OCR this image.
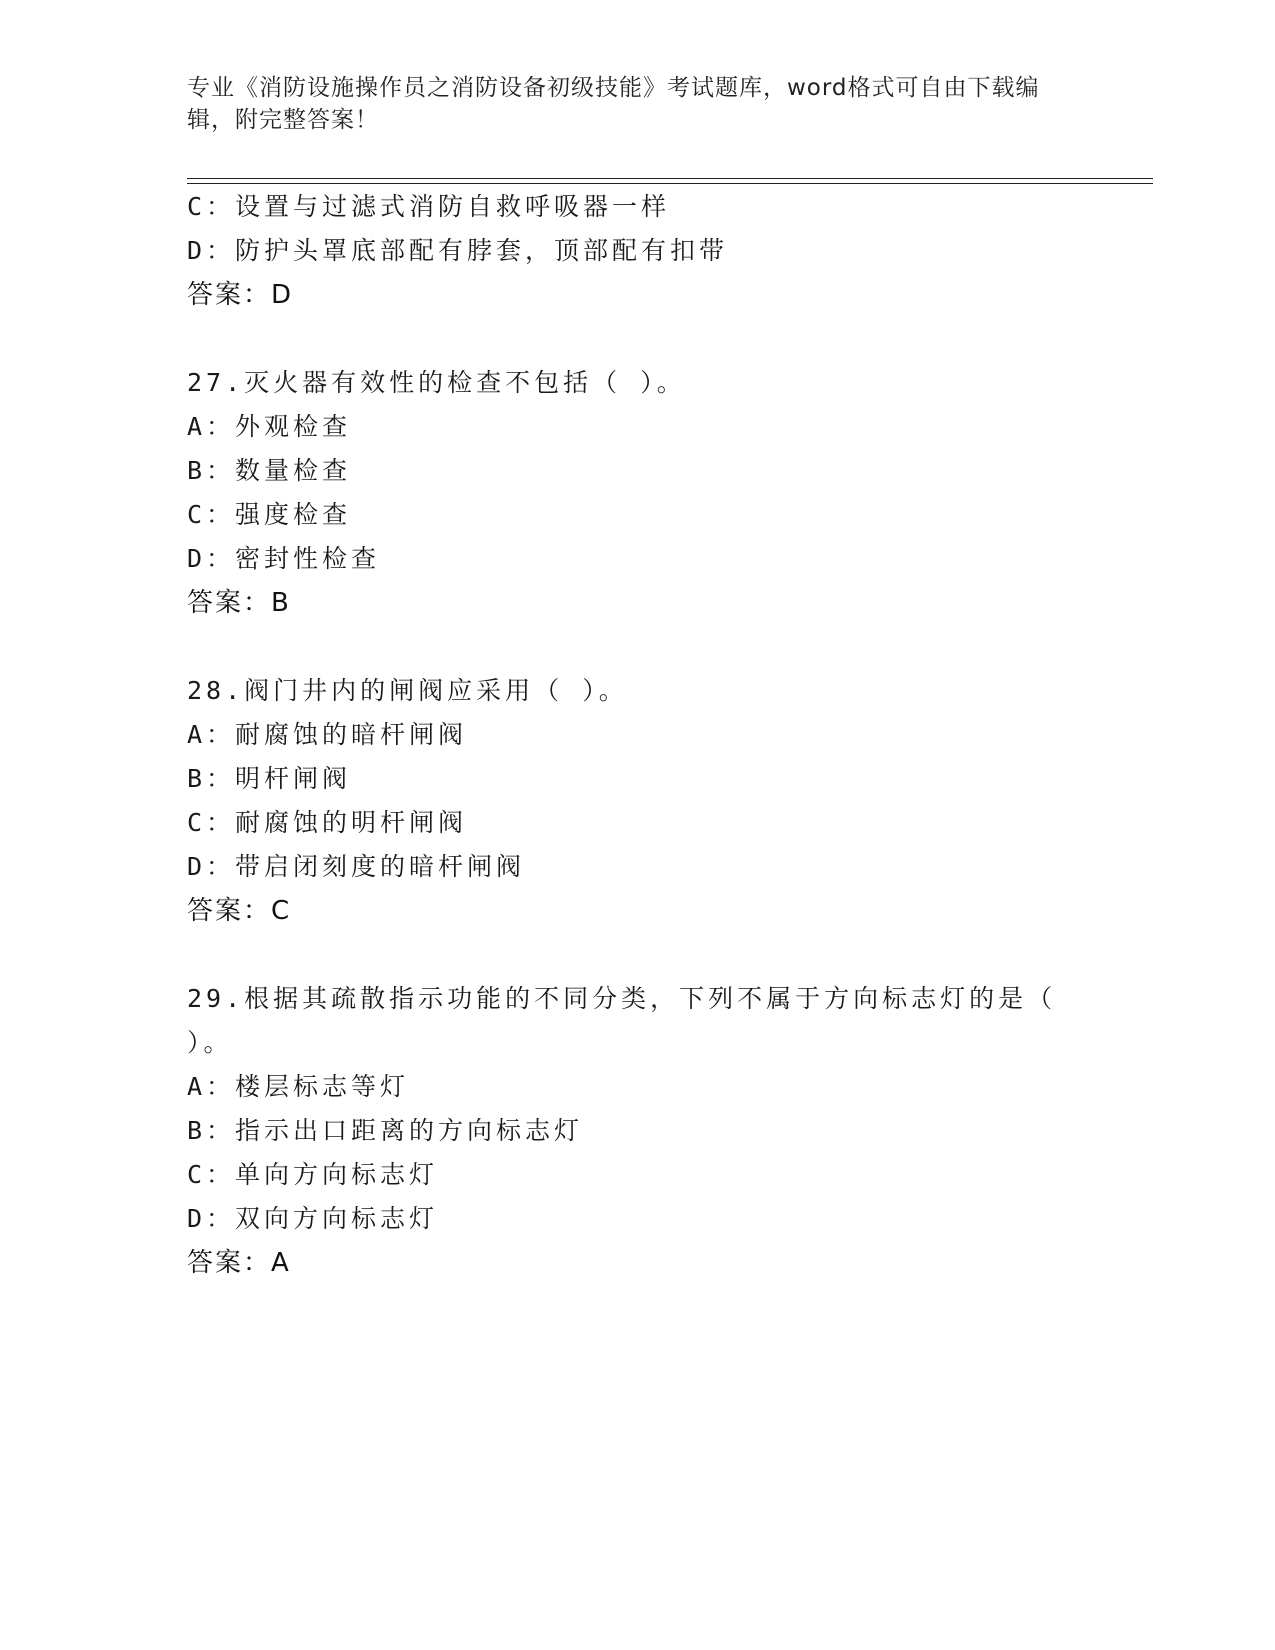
专业《消防设施操作员之消防设备初级技能》考试题库，word格式可自由下载编
辑，附完整答案！
C：设置与过滤式消防自救呼吸器一样
D：防护头罩底部配有脖套，顶部配有扣带
答案：D
27.灭火器有效性的检查不包括（ ）。
A：外观检查
B：数量检查
C：强度检查
D：密封性检查
答案：B
28.阀门井内的闸阀应采用（ ）。
A：耐腐蚀的暗杆闸阀
B：明杆闸阀
C：耐腐蚀的明杆闸阀
D：带启闭刻度的暗杆闸阀
答案：C
29.根据其疏散指示功能的不同分类，下列不属于方向标志灯的是（
）。
A：楼层标志等灯
B：指示出口距离的方向标志灯
C：单向方向标志灯
D：双向方向标志灯
答案：A
